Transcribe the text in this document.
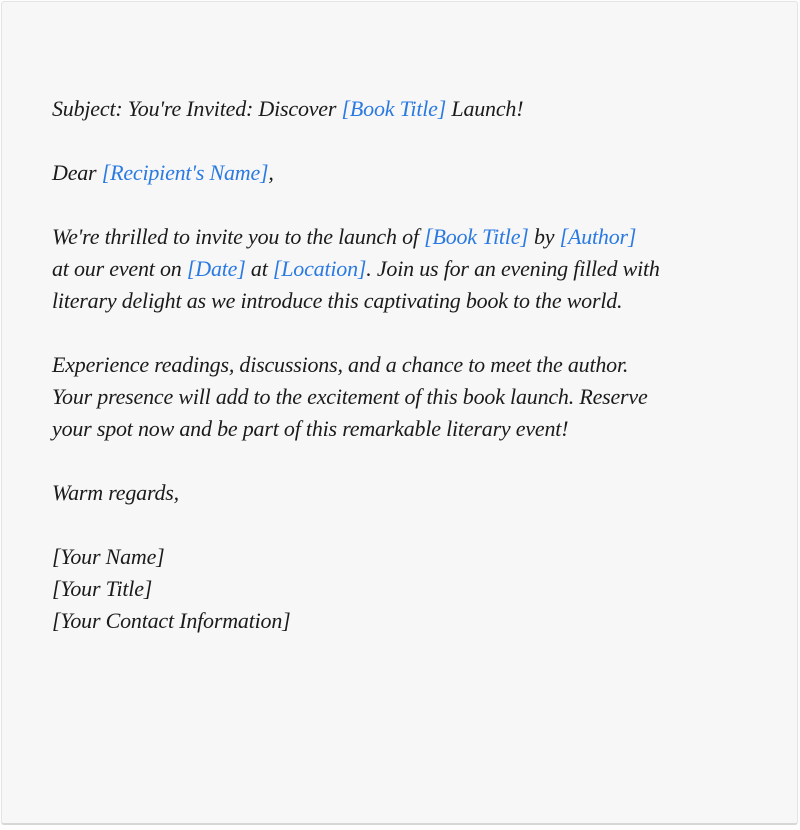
Subject: You're Invited: Discover [Book Title] Launch!
Dear [Recipient's Name],
We're thrilled to invite you to the launch of [Book Title] by [Author]
at our event on [Date] at [Location]. Join us for an evening filled with
literary delight as we introduce this captivating book to the world.
Experience readings, discussions, and a chance to meet the author.
Your presence will add to the excitement of this book launch. Reserve
your spot now and be part of this remarkable literary event!
Warm regards,
[Your Name]
[Your Title]
[Your Contact Information]
